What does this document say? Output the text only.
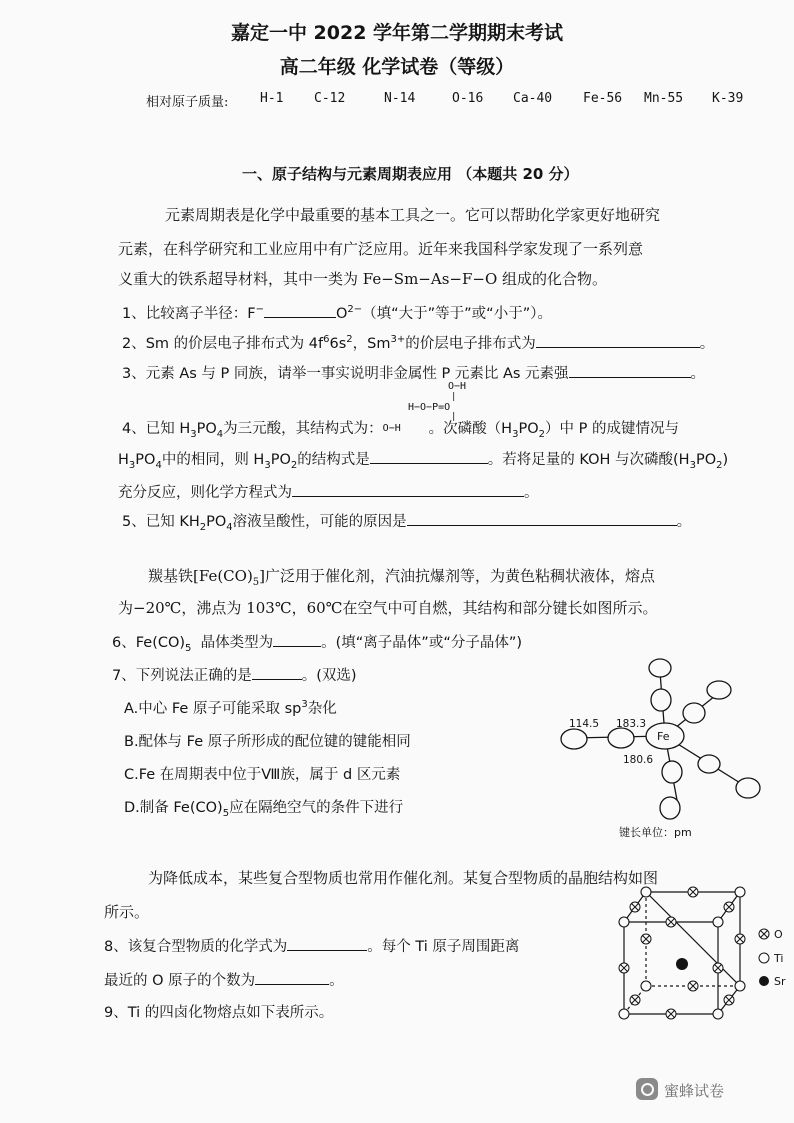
嘉定一中 2022 学年第二学期期末考试
高二年级 化学试卷（等级）
相对原子质量: H-1 C-12	N-14	O-16 Ca-40 Fe-56 Mn-55 K-39
一、原子结构与元素周期表应用 （本题共 20 分）
元素周期表是化学中最重要的基本工具之一。它可以帮助化学家更好地研究
元素，在科学研究和工业应用中有广泛应用。近年来我国科学家发现了一系列意
义重大的铁系超导材料，其中一类为 Fe−Sm−As−F−O 组成的化合物。
1、比较离子半径：F−	$O^{2-}$（填“大于”等于”或“小于”）。
2、Sm 的价层电子排布式为 $4f^66s^2$，$Sm^{3+}$的价层电子排布式为	。
3、元素 As 与 P 同族，请举一事实说明非金属性 P 元素比 As 元素强	。
O−H
|
H−O−P=O
|
4、已知 $H_3PO_4$为三元酸，其结构式为：O−H 。次磷酸$(H_3PO_2)$中 P 的成键情况与
$H_3PO_4$中的相同，则 $H_3PO_2$的结构式是	。若将足量的 KOH 与次磷酸$(H_3PO_2)$
充分反应，则化学方程式为	。
5、已知 $KH_2PO_4$溶液呈酸性，可能的原因是	。
羰基铁$[Fe(CO)_5]$广泛用于催化剂，汽油抗爆剂等，为黄色粘稠状液体，熔点
为−20℃，沸点为 103℃，60℃在空气中可自燃，其结构和部分键长如图所示。
6、$Fe(CO)_5$ 晶体类型为	。(填“离子晶体”或“分子晶体”)
7、下列说法正确的是	。(双选)
A.中心 Fe 原子可能采取 $sp^3$杂化
B.配体与 Fe 原子所形成的配位键的键能相同
C.Fe 在周期表中位于Ⅷ族，属于 d 区元素
D.制备 $Fe(CO)_5$应在隔绝空气的条件下进行
Fe
114.5 183.3
180.6
键长单位：pm
为降低成本，某些复合型物质也常用作催化剂。某复合型物质的晶胞结构如图
所示。
8、该复合型物质的化学式为	。每个 Ti 原子周围距离
最近的 O 原子的个数为	。
9、Ti 的四卤化物熔点如下表所示。
O
Ti
Sr
蜜蜂试卷
